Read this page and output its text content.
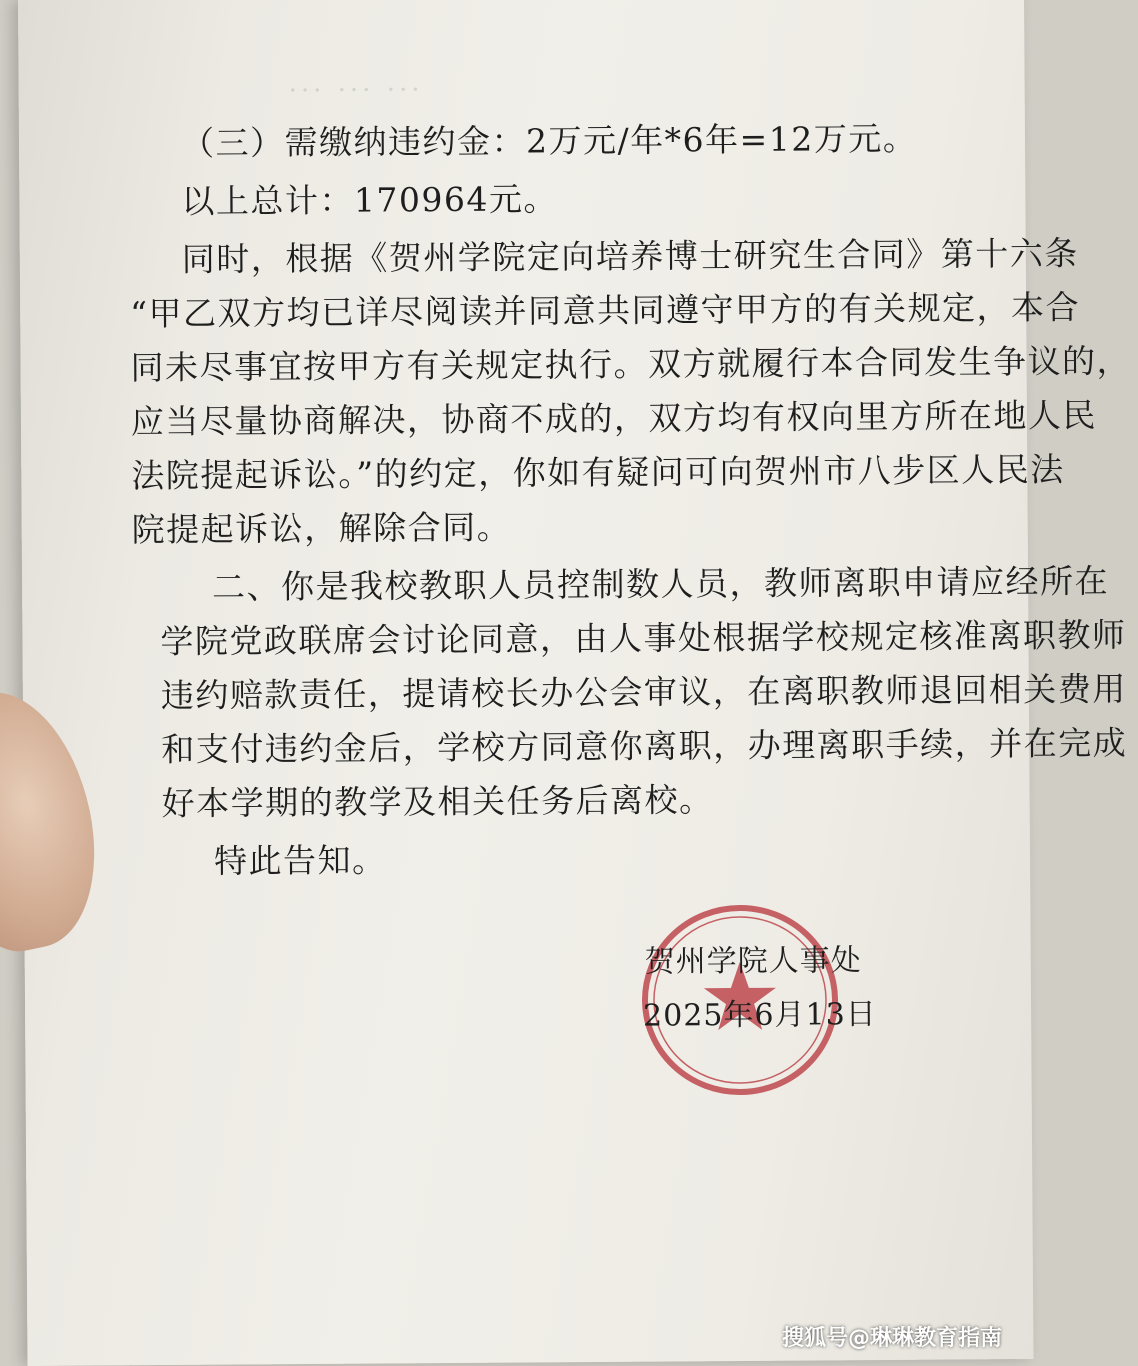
··· ··· ···
（三）需缴纳违约金：2万元/年*6年=12万元。
以上总计：170964元。
同时，根据《贺州学院定向培养博士研究生合同》第十六条
“甲乙双方均已详尽阅读并同意共同遵守甲方的有关规定，本合
同未尽事宜按甲方有关规定执行。双方就履行本合同发生争议的，
应当尽量协商解决，协商不成的，双方均有权向里方所在地人民
法院提起诉讼。”的约定，你如有疑问可向贺州市八步区人民法
院提起诉讼，解除合同。
二、你是我校教职人员控制数人员，教师离职申请应经所在
学院党政联席会讨论同意，由人事处根据学校规定核准离职教师
违约赔款责任，提请校长办公会审议，在离职教师退回相关费用
和支付违约金后，学校方同意你离职，办理离职手续，并在完成
好本学期的教学及相关任务后离校。
特此告知。
贺州学院人事处
2025年6月13日
搜狐号@琳琳教育指南
